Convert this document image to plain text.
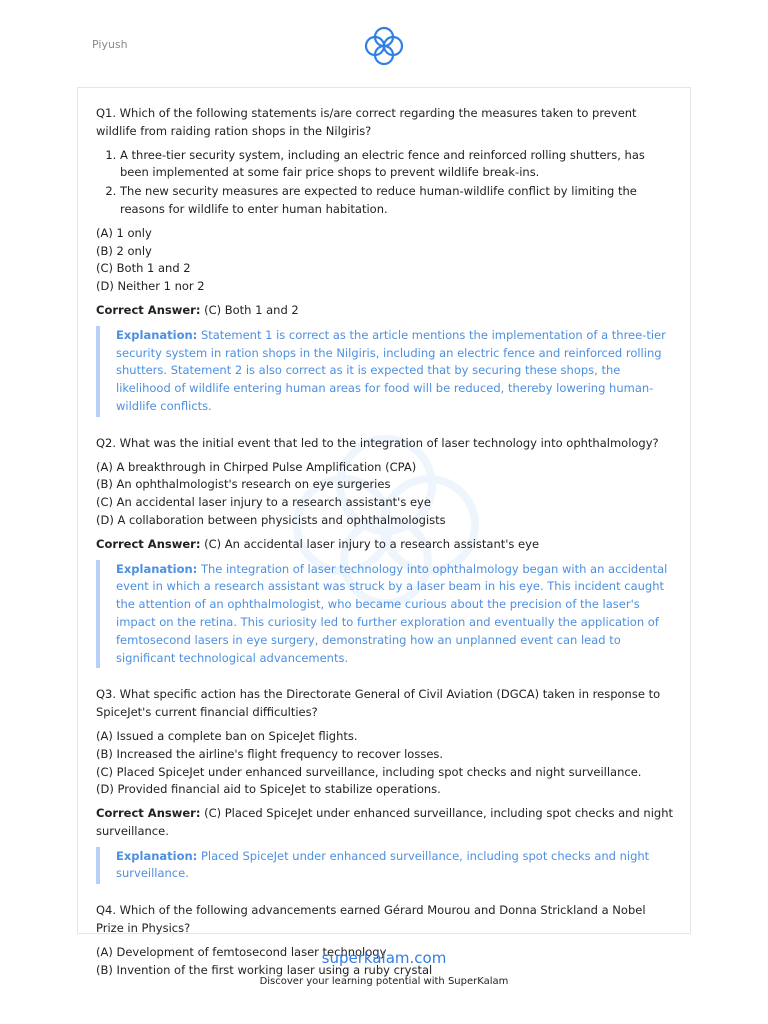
Piyush

Q1. Which of the following statements is/are correct regarding the measures taken to prevent wildlife from raiding ration shops in the Nilgiris?

1. A three-tier security system, including an electric fence and reinforced rolling shutters, has been implemented at some fair price shops to prevent wildlife break-ins.
2. The new security measures are expected to reduce human-wildlife conflict by limiting the reasons for wildlife to enter human habitation.
(A) 1 only
(B) 2 only
(C) Both 1 and 2
(D) Neither 1 nor 2

Correct Answer: (C) Both 1 and 2

Explanation: Statement 1 is correct as the article mentions the implementation of a three-tier security system in ration shops in the Nilgiris, including an electric fence and reinforced rolling shutters. Statement 2 is also correct as it is expected that by securing these shops, the likelihood of wildlife entering human areas for food will be reduced, thereby lowering human-wildlife conflicts.

Q2. What was the initial event that led to the integration of laser technology into ophthalmology?

(A) A breakthrough in Chirped Pulse Amplification (CPA)
(B) An ophthalmologist's research on eye surgeries
(C) An accidental laser injury to a research assistant's eye
(D) A collaboration between physicists and ophthalmologists

Correct Answer: (C) An accidental laser injury to a research assistant's eye

Explanation: The integration of laser technology into ophthalmology began with an accidental event in which a research assistant was struck by a laser beam in his eye. This incident caught the attention of an ophthalmologist, who became curious about the precision of the laser's impact on the retina. This curiosity led to further exploration and eventually the application of femtosecond lasers in eye surgery, demonstrating how an unplanned event can lead to significant technological advancements.

Q3. What specific action has the Directorate General of Civil Aviation (DGCA) taken in response to SpiceJet's current financial difficulties?

(A) Issued a complete ban on SpiceJet flights.
(B) Increased the airline's flight frequency to recover losses.
(C) Placed SpiceJet under enhanced surveillance, including spot checks and night surveillance.
(D) Provided financial aid to SpiceJet to stabilize operations.

Correct Answer: (C) Placed SpiceJet under enhanced surveillance, including spot checks and night surveillance.

Explanation: Placed SpiceJet under enhanced surveillance, including spot checks and night surveillance.

Q4. Which of the following advancements earned Gérard Mourou and Donna Strickland a Nobel Prize in Physics?

(A) Development of femtosecond laser technology
(B) Invention of the first working laser using a ruby crystal
superkalam.com
Discover your learning potential with SuperKalam
